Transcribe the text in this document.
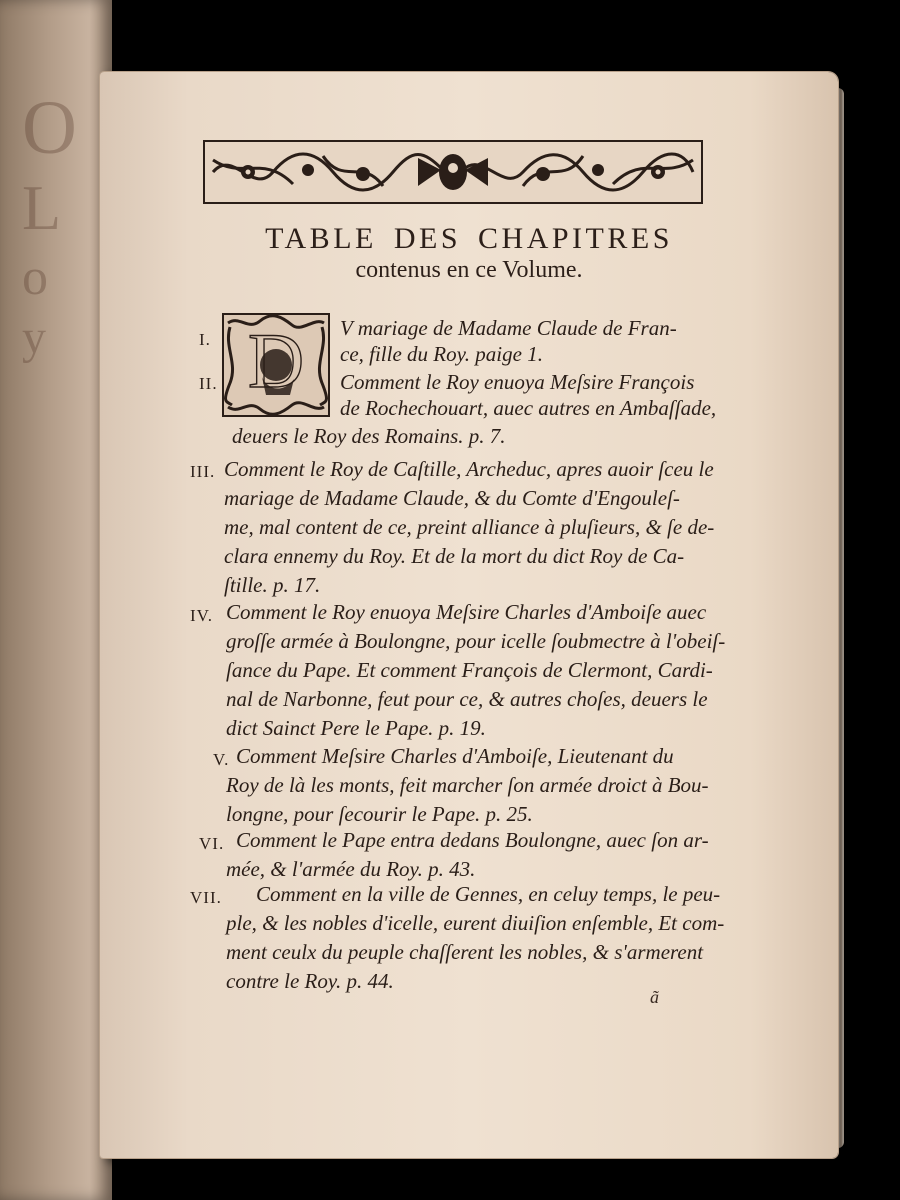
O
L
o
y
TABLE DES CHAPITRES
contenus en ce Volume.
D
I.	V mariage de Madame Claude de Fran-
ce, fille du Roy. paige 1.
II.	Comment le Roy enuoya Meſsire François
de Rochechouart, auec autres en Ambaſſade,
deuers le Roy des Romains. p. 7.
III. Comment le Roy de Caſtille, Archeduc, apres auoir ſceu le
mariage de Madame Claude, & du Comte d'Engouleſ-
me, mal content de ce, preint alliance à pluſieurs, & ſe de-
clara ennemy du Roy. Et de la mort du dict Roy de Ca-
ſtille. p. 17.
IV. Comment le Roy enuoya Meſsire Charles d'Amboiſe auec
groſſe armée à Boulongne, pour icelle ſoubmectre à l'obeiſ-
ſance du Pape. Et comment François de Clermont, Cardi-
nal de Narbonne, feut pour ce, & autres choſes, deuers le
dict Sainct Pere le Pape. p. 19.
V. Comment Meſsire Charles d'Amboiſe, Lieutenant du
Roy de là les monts, feit marcher ſon armée droict à Bou-
longne, pour ſecourir le Pape. p. 25.
VI. Comment le Pape entra dedans Boulongne, auec ſon ar-
mée, & l'armée du Roy. p. 43.
VII. Comment en la ville de Gennes, en celuy temps, le peu-
ple, & les nobles d'icelle, eurent diuiſion enſemble, Et com-
ment ceulx du peuple chaſſerent les nobles, & s'armerent
contre le Roy. p. 44.
ã
